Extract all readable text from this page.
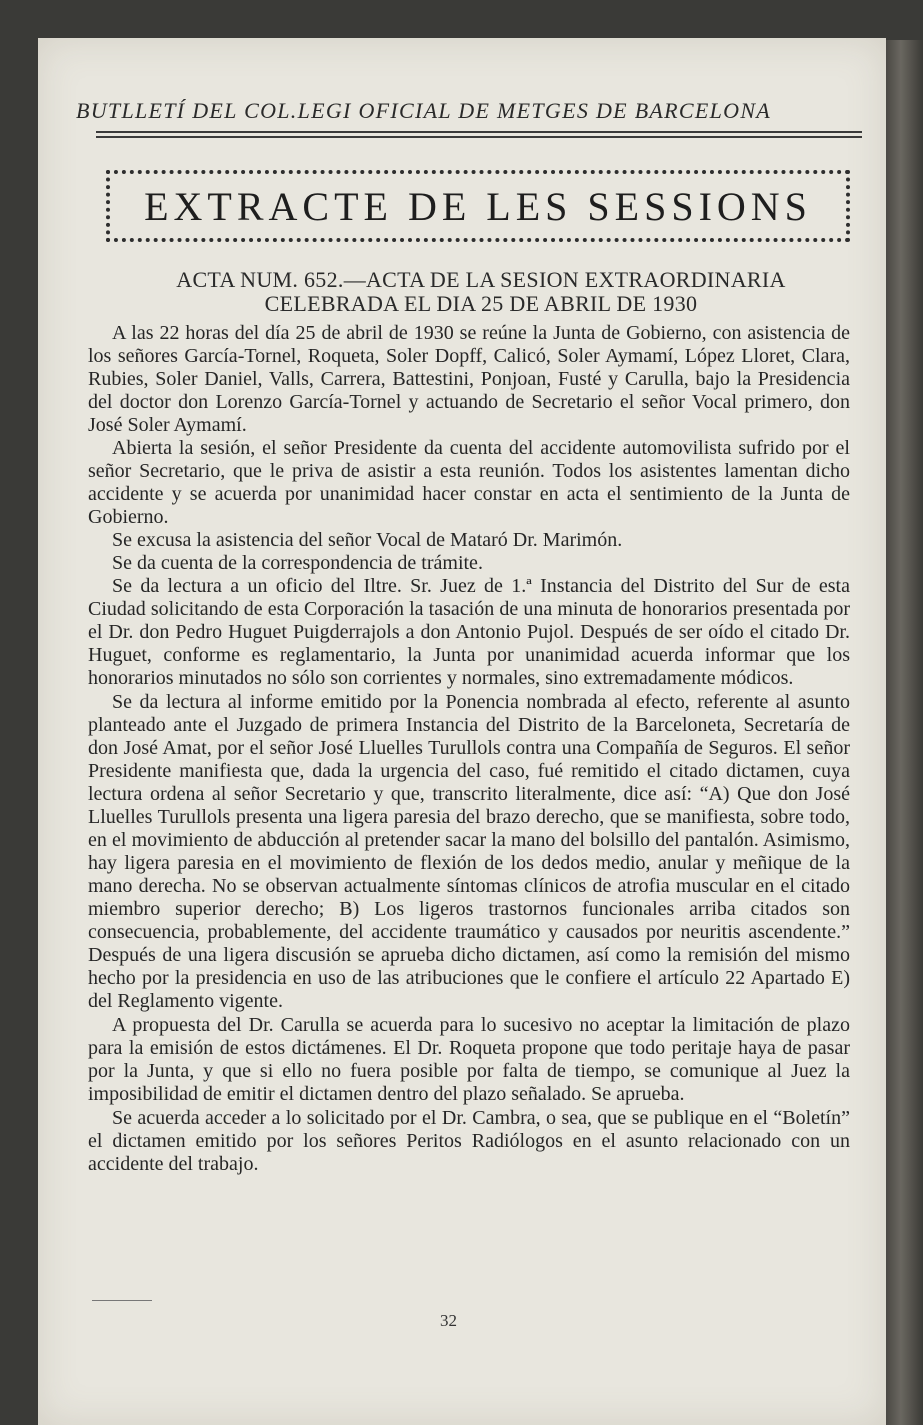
BUTLLETÍ DEL COL.LEGI OFICIAL DE METGES DE BARCELONA
EXTRACTE DE LES SESSIONS
ACTA NUM. 652.—ACTA DE LA SESION EXTRAORDINARIA
CELEBRADA EL DIA 25 DE ABRIL DE 1930

A las 22 horas del día 25 de abril de 1930 se reúne la Junta de Gobierno, con asistencia de los señores García-Tornel, Roqueta, Soler Dopff, Calicó, Soler Aymamí, López Lloret, Clara, Rubies, Soler Daniel, Valls, Carrera, Battestini, Ponjoan, Fusté y Carulla, bajo la Presidencia del doctor don Lorenzo García-Tornel y actuando de Secretario el señor Vocal primero, don José Soler Aymamí.

Abierta la sesión, el señor Presidente da cuenta del accidente automovilista sufrido por el señor Secretario, que le priva de asistir a esta reunión. Todos los asistentes lamentan dicho accidente y se acuerda por unanimidad hacer constar en acta el sentimiento de la Junta de Gobierno.

Se excusa la asistencia del señor Vocal de Mataró Dr. Marimón.

Se da cuenta de la correspondencia de trámite.

Se da lectura a un oficio del Iltre. Sr. Juez de 1.ª Instancia del Distrito del Sur de esta Ciudad solicitando de esta Corporación la tasación de una minuta de honorarios presentada por el Dr. don Pedro Huguet Puigderrajols a don Antonio Pujol. Después de ser oído el citado Dr. Huguet, conforme es reglamentario, la Junta por unanimidad acuerda informar que los honorarios minutados no sólo son corrientes y normales, sino extremadamente módicos.

Se da lectura al informe emitido por la Ponencia nombrada al efecto, referente al asunto planteado ante el Juzgado de primera Instancia del Distrito de la Barceloneta, Secretaría de don José Amat, por el señor José Lluelles Turullols contra una Compañía de Seguros. El señor Presidente manifiesta que, dada la urgencia del caso, fué remitido el citado dictamen, cuya lectura ordena al señor Secretario y que, transcrito literalmente, dice así: “A) Que don José Lluelles Turullols presenta una ligera paresia del brazo derecho, que se manifiesta, sobre todo, en el movimiento de abducción al pretender sacar la mano del bolsillo del pantalón. Asimismo, hay ligera paresia en el movimiento de flexión de los dedos medio, anular y meñique de la mano derecha. No se observan actualmente síntomas clínicos de atrofia muscular en el citado miembro superior derecho; B) Los ligeros trastornos funcionales arriba citados son consecuencia, probablemente, del accidente traumático y causados por neuritis ascendente.” Después de una ligera discusión se aprueba dicho dictamen, así como la remisión del mismo hecho por la presidencia en uso de las atribuciones que le confiere el artículo 22 Apartado E) del Reglamento vigente.

A propuesta del Dr. Carulla se acuerda para lo sucesivo no aceptar la limitación de plazo para la emisión de estos dictámenes. El Dr. Roqueta propone que todo peritaje haya de pasar por la Junta, y que si ello no fuera posible por falta de tiempo, se comunique al Juez la imposibilidad de emitir el dictamen dentro del plazo señalado. Se aprueba.

Se acuerda acceder a lo solicitado por el Dr. Cambra, o sea, que se publique en el “Boletín” el dictamen emitido por los señores Peritos Radiólogos en el asunto relacionado con un accidente del trabajo.

32
